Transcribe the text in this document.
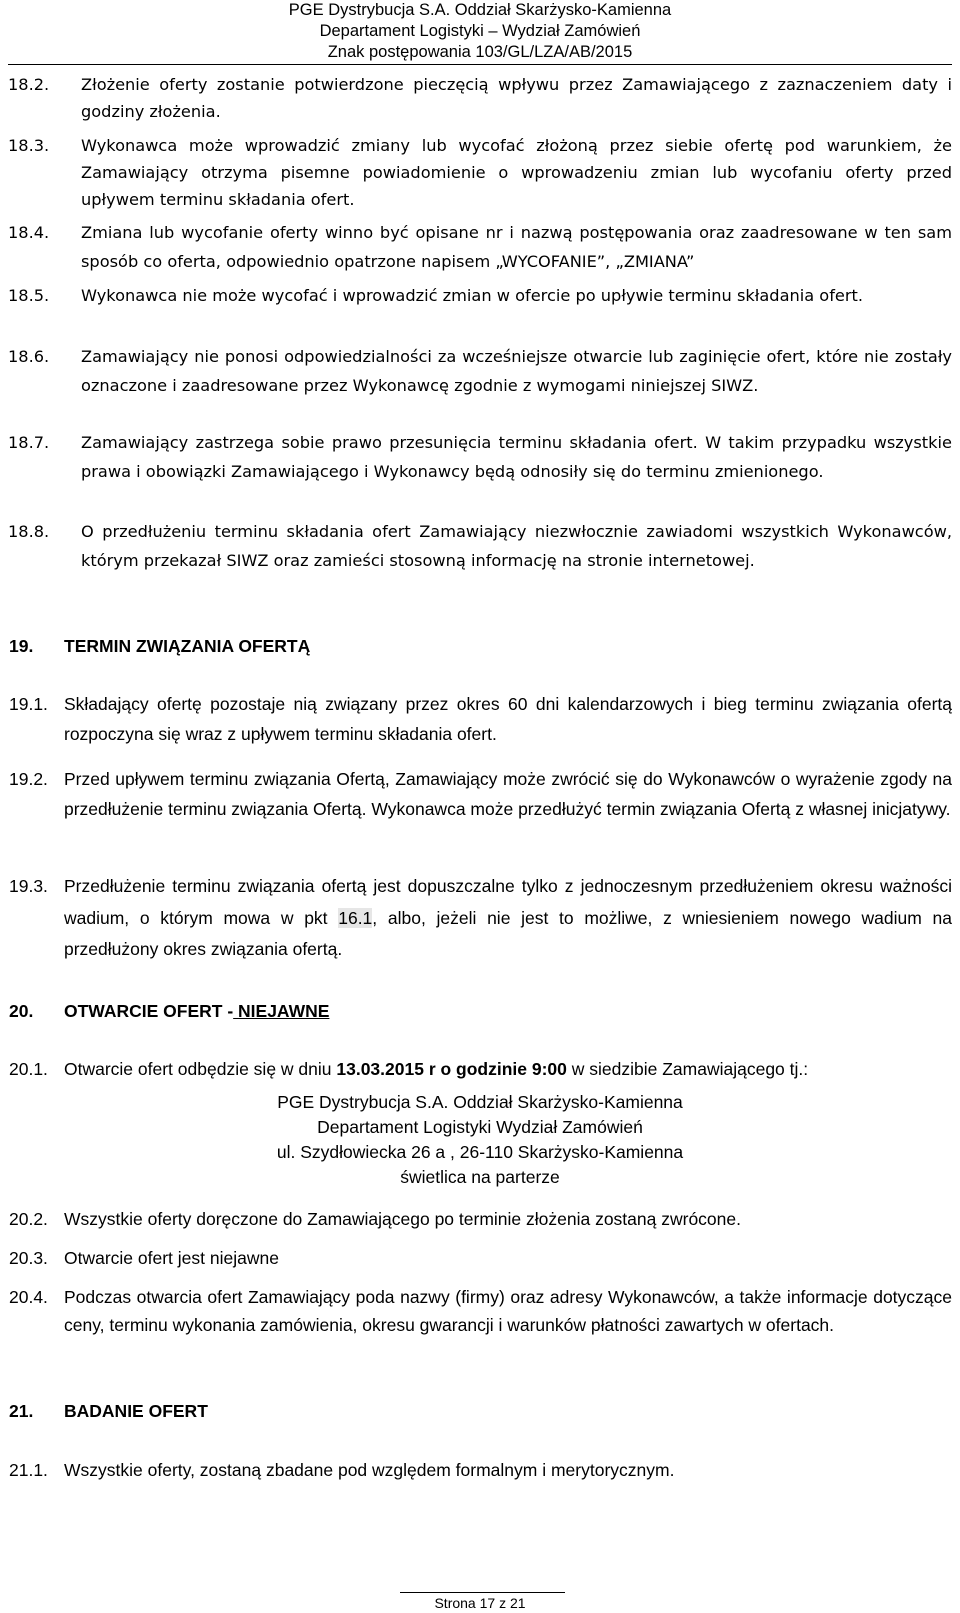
PGE Dystrybucja S.A. Oddział Skarżysko-Kamienna
Departament Logistyki – Wydział Zamówień
Znak postępowania 103/GL/LZA/AB/2015
18.2. Złożenie oferty zostanie potwierdzone pieczęcią wpływu przez Zamawiającego z zaznaczeniem daty i godziny złożenia.
18.3. Wykonawca może wprowadzić zmiany lub wycofać złożoną przez siebie ofertę pod warunkiem, że Zamawiający otrzyma pisemne powiadomienie o wprowadzeniu zmian lub wycofaniu oferty przed upływem terminu składania ofert.
18.4. Zmiana lub wycofanie oferty winno być opisane nr i nazwą postępowania oraz zaadresowane w ten sam sposób co oferta, odpowiednio opatrzone napisem „WYCOFANIE”, „ZMIANA”
18.5. Wykonawca nie może wycofać i wprowadzić zmian w ofercie po upływie terminu składania ofert.
18.6. Zamawiający nie ponosi odpowiedzialności za wcześniejsze otwarcie lub zaginięcie ofert, które nie zostały oznaczone i zaadresowane przez Wykonawcę zgodnie z wymogami niniejszej SIWZ.
18.7. Zamawiający zastrzega sobie prawo przesunięcia terminu składania ofert. W takim przypadku wszystkie prawa i obowiązki Zamawiającego i Wykonawcy będą odnosiły się do terminu zmienionego.
18.8. O przedłużeniu terminu składania ofert Zamawiający niezwłocznie zawiadomi wszystkich Wykonawców, którym przekazał SIWZ oraz zamieści stosowną informację na stronie internetowej.
19. TERMIN ZWIĄZANIA OFERTĄ
19.1. Składający ofertę pozostaje nią związany przez okres 60 dni kalendarzowych i bieg terminu związania ofertą rozpoczyna się wraz z upływem terminu składania ofert.
19.2. Przed upływem terminu związania Ofertą, Zamawiający może zwrócić się do Wykonawców o wyrażenie zgody na przedłużenie terminu związania Ofertą. Wykonawca może przedłużyć termin związania Ofertą z własnej inicjatywy.
19.3. Przedłużenie terminu związania ofertą jest dopuszczalne tylko z jednoczesnym przedłużeniem okresu ważności wadium, o którym mowa w pkt 16.1, albo, jeżeli nie jest to możliwe, z wniesieniem nowego wadium na przedłużony okres związania ofertą.
20. OTWARCIE OFERT - NIEJAWNE
20.1. Otwarcie ofert odbędzie się w dniu 13.03.2015 r o godzinie 9:00 w siedzibie Zamawiającego tj.:
PGE Dystrybucja S.A. Oddział Skarżysko-Kamienna
Departament Logistyki Wydział Zamówień
ul. Szydłowiecka 26 a , 26-110 Skarżysko-Kamienna
świetlica na parterze
20.2. Wszystkie oferty doręczone do Zamawiającego po terminie złożenia zostaną zwrócone.
20.3. Otwarcie ofert jest niejawne
20.4. Podczas otwarcia ofert Zamawiający poda nazwy (firmy) oraz adresy Wykonawców, a także informacje dotyczące ceny, terminu wykonania zamówienia, okresu gwarancji i warunków płatności zawartych w ofertach.
21. BADANIE OFERT
21.1. Wszystkie oferty, zostaną zbadane pod względem formalnym i merytorycznym.
Strona 17 z 21
